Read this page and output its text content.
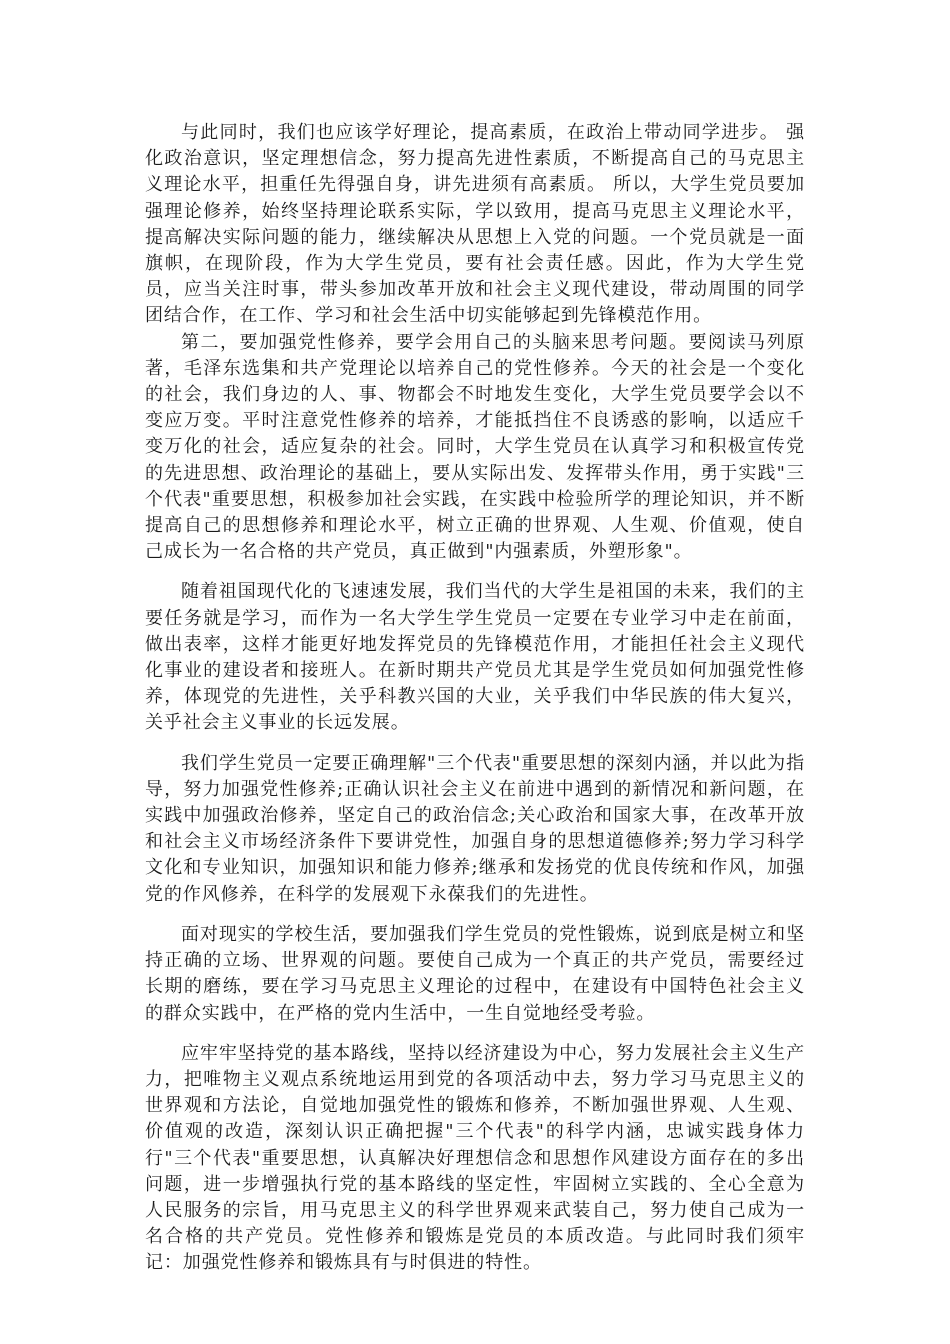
与此同时，我们也应该学好理论，提高素质，在政治上带动同学进步。 强化政治意识，坚定理想信念，努力提高先进性素质，不断提高自己的马克思主义理论水平，担重任先得强自身，讲先进须有高素质。 所以，大学生党员要加强理论修养，始终坚持理论联系实际，学以致用，提高马克思主义理论水平，提高解决实际问题的能力，继续解决从思想上入党的问题。一个党员就是一面旗帜，在现阶段，作为大学生党员，要有社会责任感。因此，作为大学生党员，应当关注时事，带头参加改革开放和社会主义现代建设，带动周围的同学团结合作，在工作、学习和社会生活中切实能够起到先锋模范作用。

第二，要加强党性修养，要学会用自己的头脑来思考问题。要阅读马列原著，毛泽东选集和共产党理论以培养自己的党性修养。今天的社会是一个变化的社会，我们身边的人、事、物都会不时地发生变化，大学生党员要学会以不变应万变。平时注意党性修养的培养，才能抵挡住不良诱惑的影响，以适应千变万化的社会，适应复杂的社会。同时，大学生党员在认真学习和积极宣传党的先进思想、政治理论的基础上，要从实际出发、发挥带头作用，勇于实践"三个代表"重要思想，积极参加社会实践，在实践中检验所学的理论知识，并不断提高自己的思想修养和理论水平，树立正确的世界观、人生观、价值观，使自己成长为一名合格的共产党员，真正做到"内强素质，外塑形象"。

随着祖国现代化的飞速速发展，我们当代的大学生是祖国的未来，我们的主要任务就是学习，而作为一名大学生学生党员一定要在专业学习中走在前面，做出表率，这样才能更好地发挥党员的先锋模范作用，才能担任社会主义现代化事业的建设者和接班人。在新时期共产党员尤其是学生党员如何加强党性修养，体现党的先进性，关乎科教兴国的大业，关乎我们中华民族的伟大复兴，关乎社会主义事业的长远发展。

我们学生党员一定要正确理解"三个代表"重要思想的深刻内涵，并以此为指导，努力加强党性修养;正确认识社会主义在前进中遇到的新情况和新问题，在实践中加强政治修养，坚定自己的政治信念;关心政治和国家大事，在改革开放和社会主义市场经济条件下要讲党性，加强自身的思想道德修养;努力学习科学文化和专业知识，加强知识和能力修养;继承和发扬党的优良传统和作风，加强党的作风修养，在科学的发展观下永葆我们的先进性。

面对现实的学校生活，要加强我们学生党员的党性锻炼，说到底是树立和坚持正确的立场、世界观的问题。要使自己成为一个真正的共产党员，需要经过长期的磨练，要在学习马克思主义理论的过程中，在建设有中国特色社会主义的群众实践中，在严格的党内生活中，一生自觉地经受考验。

应牢牢坚持党的基本路线，坚持以经济建设为中心，努力发展社会主义生产力，把唯物主义观点系统地运用到党的各项活动中去，努力学习马克思主义的世界观和方法论，自觉地加强党性的锻炼和修养，不断加强世界观、人生观、价值观的改造，深刻认识正确把握"三个代表"的科学内涵，忠诚实践身体力行"三个代表"重要思想，认真解决好理想信念和思想作风建设方面存在的多出问题，进一步增强执行党的基本路线的坚定性，牢固树立实践的、全心全意为人民服务的宗旨，用马克思主义的科学世界观来武装自己，努力使自己成为一名合格的共产党员。党性修养和锻炼是党员的本质改造。与此同时我们须牢记：加强党性修养和锻炼具有与时俱进的特性。
